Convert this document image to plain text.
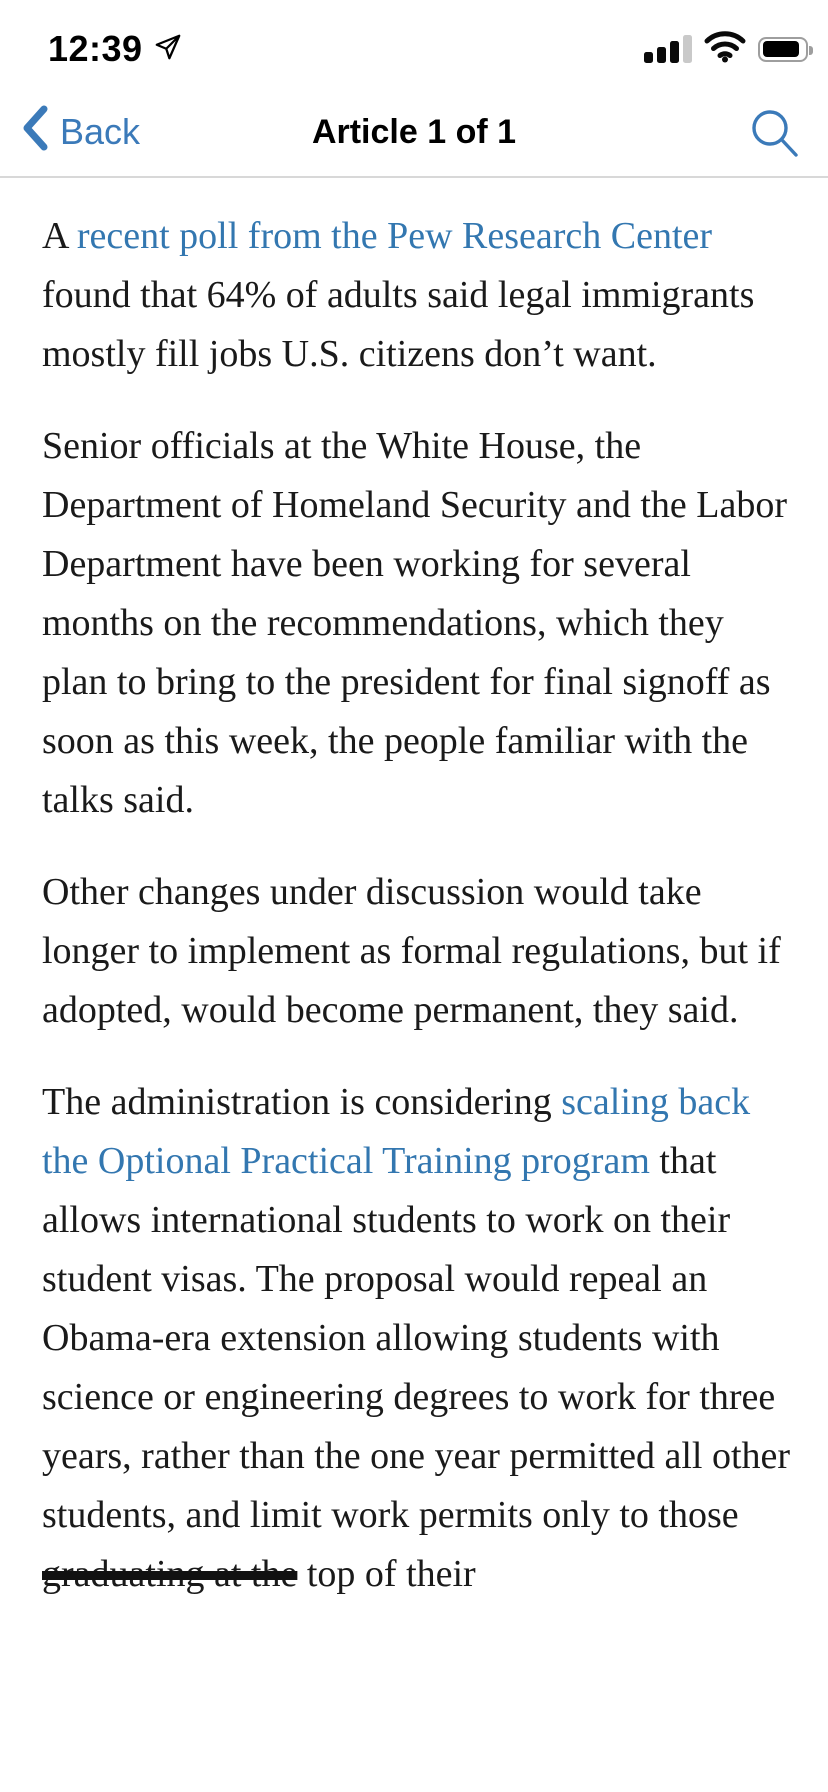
12:39
Back	Article 1 of 1

A recent poll from the Pew Research Center found that 64% of adults said legal immigrants mostly fill jobs U.S. citizens don’t want.

Senior officials at the White House, the Department of Homeland Security and the Labor Department have been working for several months on the recommendations, which they plan to bring to the president for final signoff as soon as this week, the people familiar with the talks said.

Other changes under discussion would take longer to implement as formal regulations, but if adopted, would become permanent, they said.

The administration is considering scaling back the Optional Practical Training program that allows international students to work on their student visas. The proposal would repeal an Obama-era extension allowing students with science or engineering degrees to work for three years, rather than the one year permitted all other students, and limit work permits only to those graduating at the top of their
